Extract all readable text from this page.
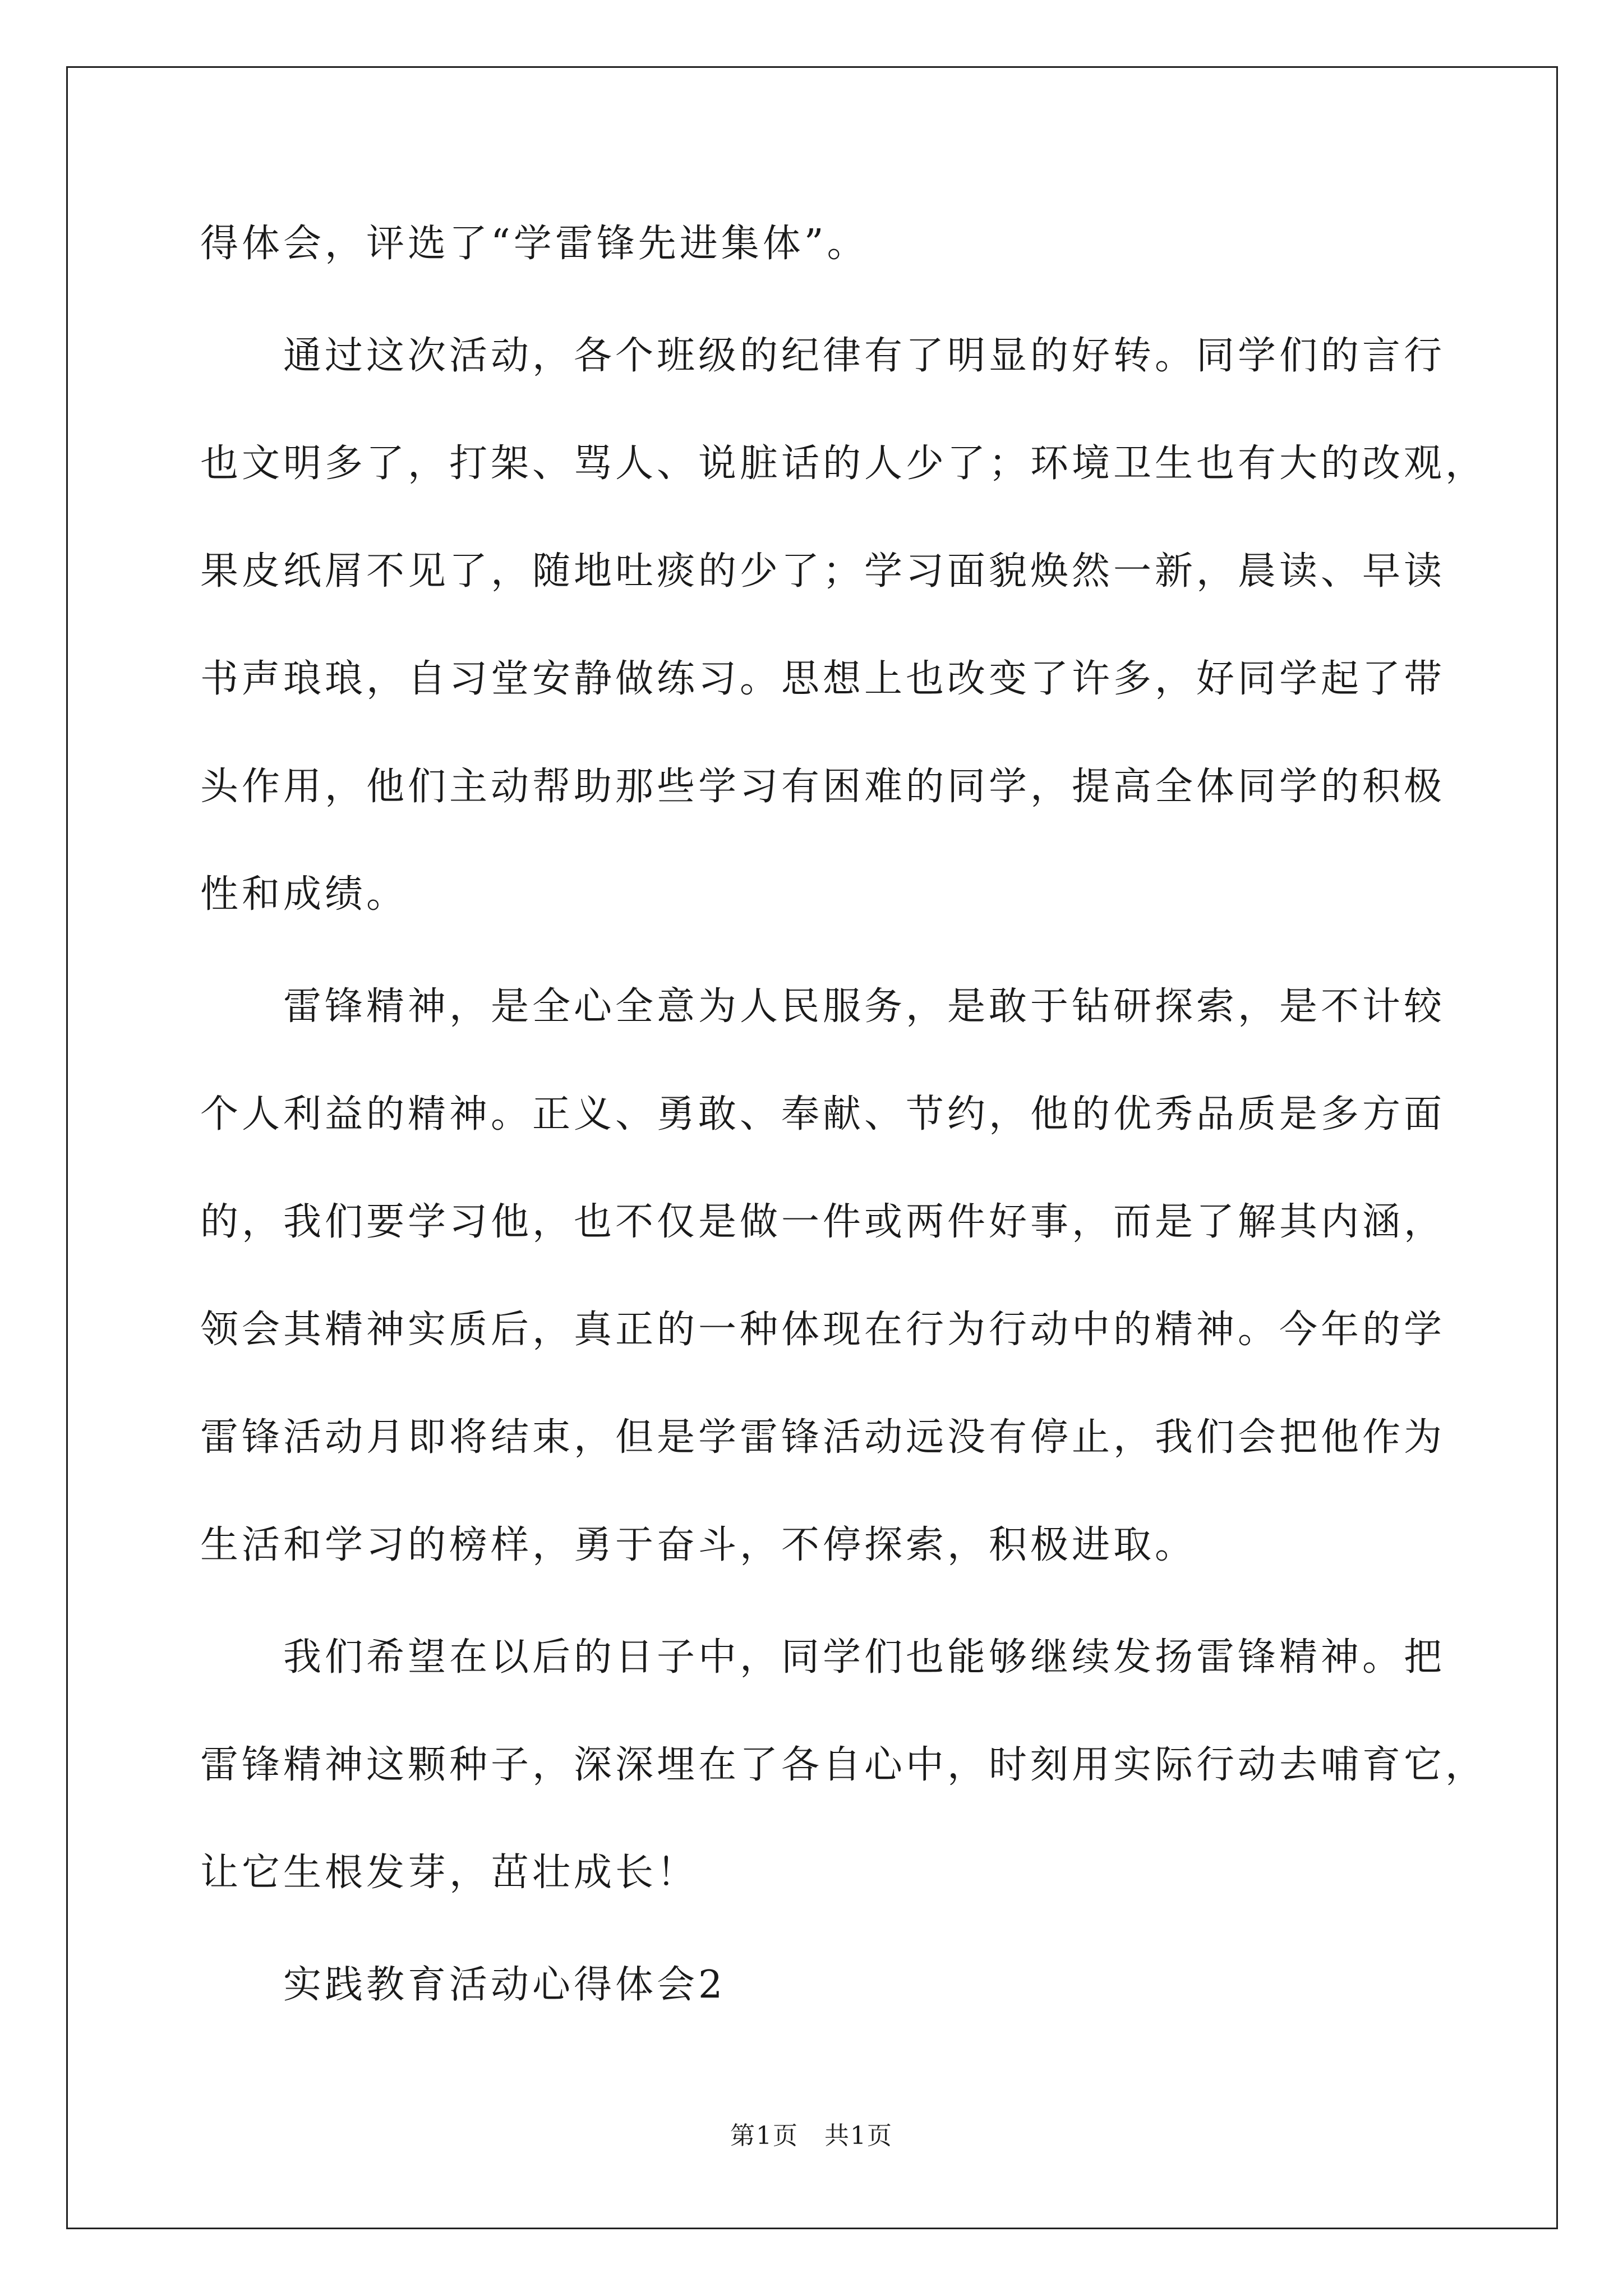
得体会，评选了“学雷锋先进集体”。
通过这次活动，各个班级的纪律有了明显的好转。同学们的言行
也文明多了，打架、骂人、说脏话的人少了；环境卫生也有大的改观，
果皮纸屑不见了，随地吐痰的少了；学习面貌焕然一新，晨读、早读
书声琅琅，自习堂安静做练习。思想上也改变了许多，好同学起了带
头作用，他们主动帮助那些学习有困难的同学，提高全体同学的积极
性和成绩。
雷锋精神，是全心全意为人民服务，是敢于钻研探索，是不计较
个人利益的精神。正义、勇敢、奉献、节约，他的优秀品质是多方面
的，我们要学习他，也不仅是做一件或两件好事，而是了解其内涵，
领会其精神实质后，真正的一种体现在行为行动中的精神。今年的学
雷锋活动月即将结束，但是学雷锋活动远没有停止，我们会把他作为
生活和学习的榜样，勇于奋斗，不停探索，积极进取。
我们希望在以后的日子中，同学们也能够继续发扬雷锋精神。把
雷锋精神这颗种子，深深埋在了各自心中，时刻用实际行动去哺育它，
让它生根发芽，茁壮成长！
实践教育活动心得体会2
第1页　共1页
